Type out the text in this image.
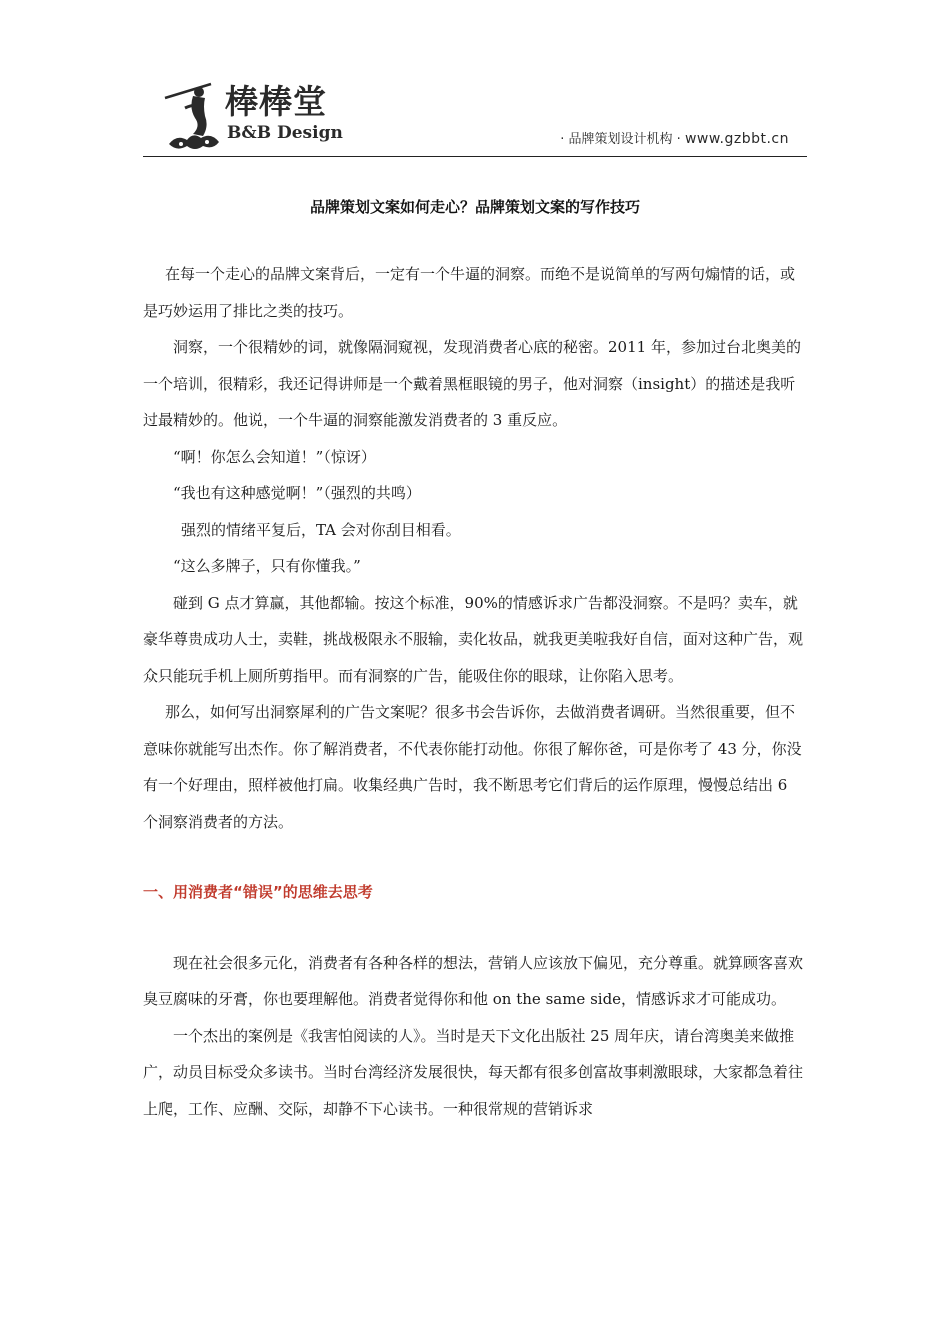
棒棒堂
B&B Design	· 品牌策划设计机构 · www.gzbbt.cn
品牌策划文案如何走心？品牌策划文案的写作技巧

在每一个走心的品牌文案背后，一定有一个牛逼的洞察。而绝不是说简单的写两句煽情的话，或是巧妙运用了排比之类的技巧。

洞察，一个很精妙的词，就像隔洞窥视，发现消费者心底的秘密。2011 年，参加过台北奥美的一个培训，很精彩，我还记得讲师是一个戴着黑框眼镜的男子，他对洞察（insight）的描述是我听过最精妙的。他说，一个牛逼的洞察能激发消费者的 3 重反应。

“啊！你怎么会知道！”（惊讶）

“我也有这种感觉啊！”（强烈的共鸣）

强烈的情绪平复后，TA 会对你刮目相看。

“这么多牌子，只有你懂我。”

碰到 G 点才算赢，其他都输。按这个标准，90%的情感诉求广告都没洞察。不是吗？卖车，就豪华尊贵成功人士，卖鞋，挑战极限永不服输，卖化妆品，就我更美啦我好自信，面对这种广告，观众只能玩手机上厕所剪指甲。而有洞察的广告，能吸住你的眼球，让你陷入思考。

那么，如何写出洞察犀利的广告文案呢？很多书会告诉你，去做消费者调研。当然很重要，但不意味你就能写出杰作。你了解消费者，不代表你能打动他。你很了解你爸，可是你考了 43 分，你没有一个好理由，照样被他打扁。收集经典广告时，我不断思考它们背后的运作原理，慢慢总结出 6 个洞察消费者的方法。

一、用消费者“错误”的思维去思考

现在社会很多元化，消费者有各种各样的想法，营销人应该放下偏见，充分尊重。就算顾客喜欢臭豆腐味的牙膏，你也要理解他。消费者觉得你和他 on the same side，情感诉求才可能成功。

一个杰出的案例是《我害怕阅读的人》。当时是天下文化出版社 25 周年庆，请台湾奥美来做推广，动员目标受众多读书。当时台湾经济发展很快，每天都有很多创富故事刺激眼球，大家都急着往上爬，工作、应酬、交际，却静不下心读书。一种很常规的营销诉求
